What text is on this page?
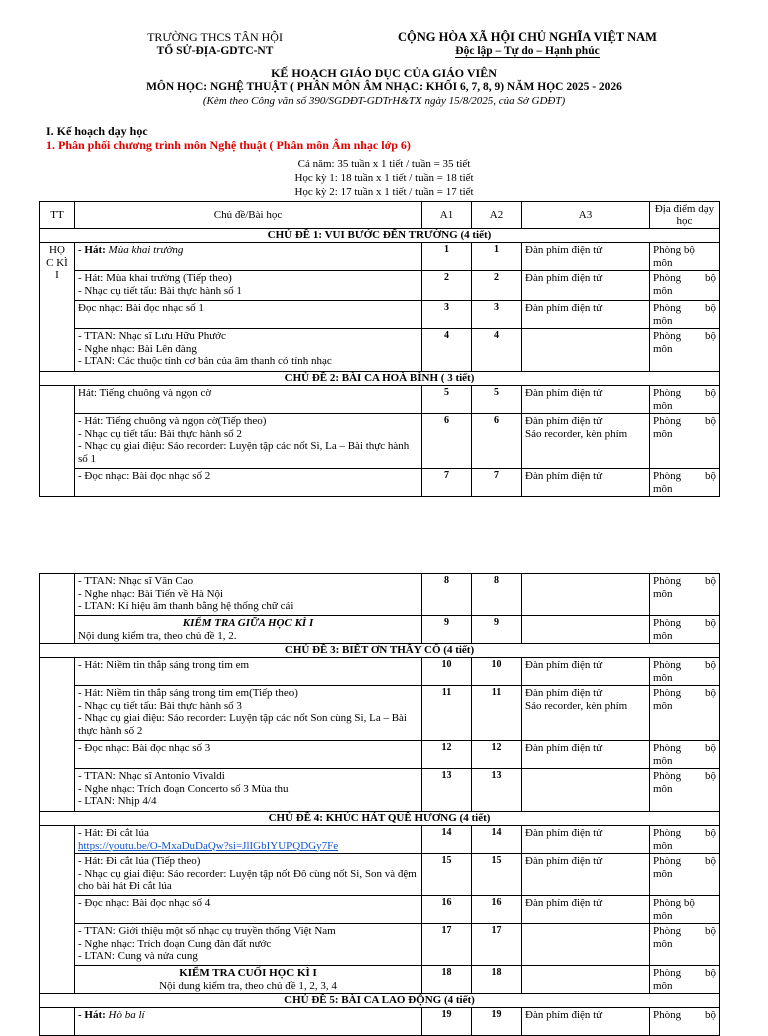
TRƯỜNG THCS TÂN HỘI
TỔ SỬ-ĐỊA-GDTC-NT
CỘNG HÒA XÃ HỘI CHỦ NGHĨA VIỆT NAM
Độc lập – Tự do – Hạnh phúc
KẾ HOẠCH GIÁO DỤC CỦA GIÁO VIÊN
MÔN HỌC: NGHỆ THUẬT ( PHÂN MÔN ÂM NHẠC: KHỐI 6, 7, 8, 9) NĂM HỌC 2025 - 2026
(Kèm theo Công văn số 390/SGDĐT-GDTrH&TX ngày 15/8/2025, của Sở GDĐT)
I. Kế hoạch dạy học
1. Phân phối chương trình môn Nghệ thuật ( Phân môn Âm nhạc lớp 6)
Cả năm: 35 tuần x 1 tiết / tuần = 35 tiết
Học kỳ 1: 18 tuần x 1 tiết / tuần = 18 tiết
Học kỳ 2: 17 tuần x 1 tiết / tuần = 17 tiết
TT	Chủ đề/Bài học	A1	A2	A3	Địa điểm dạy học
CHỦ ĐỀ 1: VUI BƯỚC ĐẾN TRƯỜNG (4 tiết)					

HỌ
C KÌ
I	- Hát: Mùa khai trường	1	1	Đàn phím điện tử	Phòng bộ
môn

	- Hát: Mùa khai trường (Tiếp theo)
- Nhạc cụ tiết tấu: Bài thực hành số 1	2	2	Đàn phím điện tử	Phòng bộ
môn

	Đọc nhạc: Bài đọc nhạc số 1	3	3	Đàn phím điện tử	Phòng bộ
môn

	- TTAN: Nhạc sĩ Lưu Hữu Phước
- Nghe nhạc: Bài Lên đàng
- LTAN: Các thuộc tính cơ bản của âm thanh có tính nhạc	4	4		Phòng bộ
môn

CHỦ ĐỀ 2: BÀI CA HOÀ BÌNH ( 3 tiết)					
	Hát: Tiếng chuông và ngọn cờ	5	5	Đàn phím điện tử	Phòng bộ
môn

	- Hát: Tiếng chuông và ngọn cờ(Tiếp theo)
- Nhạc cụ tiết tấu: Bài thực hành số 2
- Nhạc cụ giai điệu: Sáo recorder: Luyện tập các nốt Si, La – Bài thực hành số 1	6	6	Đàn phím điện tử
Sáo recorder, kèn phím	Phòng bộ
môn

	- Đọc nhạc: Bài đọc nhạc số 2	7	7	Đàn phím điện tử	Phòng bộ
môn

	- TTAN: Nhạc sĩ Văn Cao
- Nghe nhạc: Bài Tiến về Hà Nội
- LTAN: Kí hiệu âm thanh bằng hệ thống chữ cái	8	8		Phòng bộ
môn

	KIỂM TRA GIỮA HỌC KÌ I
Nội dung kiểm tra, theo chủ đề 1, 2.	9	9		Phòng bộ
môn

CHỦ ĐỀ 3: BIẾT ƠN THẦY CÔ (4 tiết)					
	- Hát: Niềm tin thắp sáng trong tim em	10	10	Đàn phím điện tử	Phòng bộ
môn

	- Hát: Niềm tin thắp sáng trong tim em(Tiếp theo)
- Nhạc cụ tiết tấu: Bài thực hành số 3
- Nhạc cụ giai điệu: Sáo recorder: Luyện tập các nốt Son cùng Si, La – Bài thực hành số 2	11	11	Đàn phím điện tử
Sáo recorder, kèn phím	Phòng bộ
môn

	- Đọc nhạc: Bài đọc nhạc số 3	12	12	Đàn phím điện tử	Phòng bộ
môn

	- TTAN: Nhạc sĩ Antonio Vivaldi
- Nghe nhạc: Trích đoạn Concerto số 3 Mùa thu
- LTAN: Nhịp 4/4	13	13		Phòng bộ
môn

CHỦ ĐỀ 4: KHÚC HÁT QUÊ HƯƠNG (4 tiết)					

	- Hát: Đi cắt lúa
https://youtu.be/O-MxaDuDaQw?si=JlIGbIYUPQDGy7Fe	14	14	Đàn phím điện tử	Phòng bộ
môn

	- Hát: Đi cắt lúa (Tiếp theo)
- Nhạc cụ giai điệu: Sáo recorder: Luyện tập nốt Đô cùng nốt Si, Son và đệm cho bài hát Đi cắt lúa	15	15	Đàn phím điện tử	Phòng bộ
môn

	- Đọc nhạc: Bài đọc nhạc số 4	16	16	Đàn phím điện tử	Phòng bộ
môn

	- TTAN: Giới thiệu một số nhạc cụ truyền thống Việt Nam
- Nghe nhạc: Trích đoạn Cung đàn đất nước
- LTAN: Cung và nửa cung	17	17		Phòng bộ
môn

	KIỂM TRA CUỐI HỌC KÌ I
Nội dung kiểm tra, theo chủ đề 1, 2, 3, 4	18	18		Phòng bộ
môn

CHỦ ĐỀ 5: BÀI CA LAO ĐỘNG (4 tiết)					
	- Hát: Hò ba lí	19	19	Đàn phím điện tử	Phòng bộ
